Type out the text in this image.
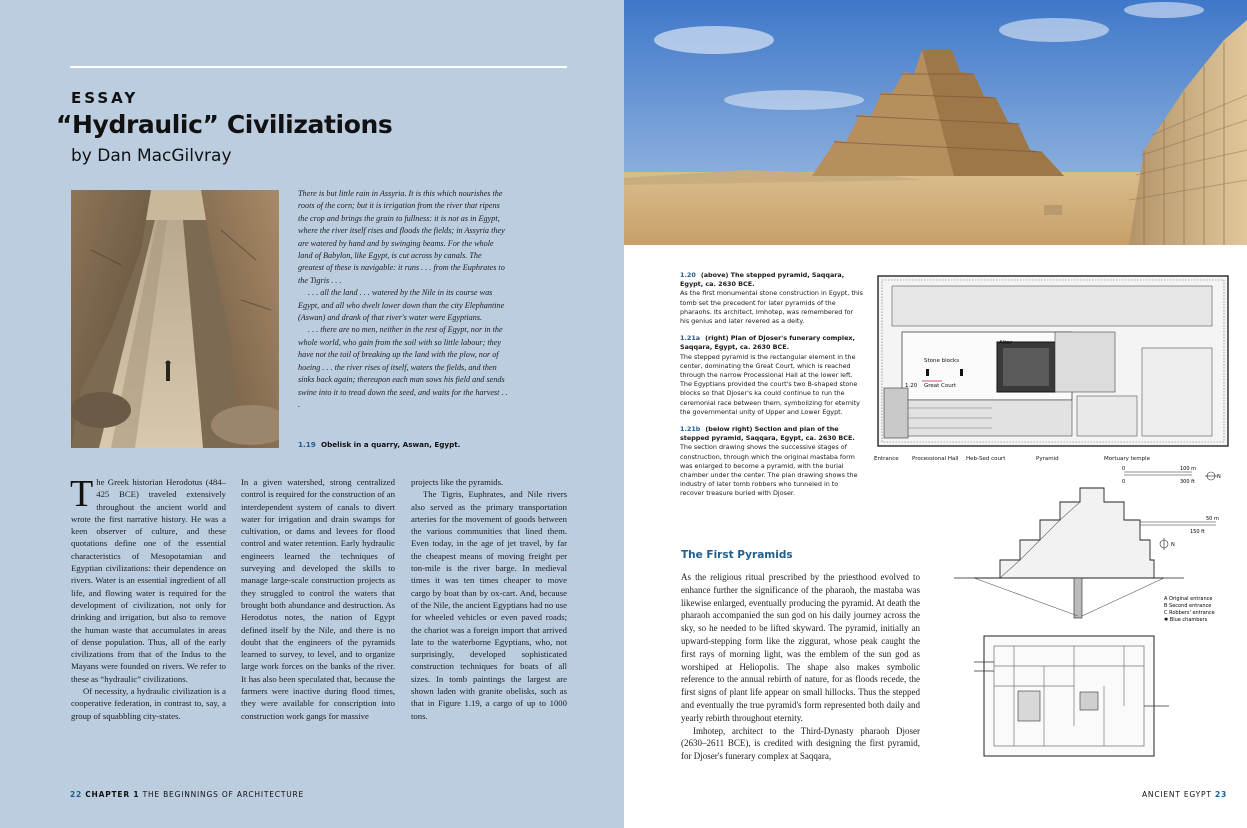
ESSAY
“Hydraulic” Civilizations
by Dan MacGilvray

There is but little rain in Assyria. It is this which nourishes the roots of the corn; but it is irrigation from the river that ripens the crop and brings the grain to fullness: it is not as in Egypt, where the river itself rises and floods the fields; in Assyria they are watered by hand and by swinging beams. For the whole land of Babylon, like Egypt, is cut across by canals. The greatest of these is navigable: it runs . . . from the Euphrates to the Tigris . . .

. . . all the land . . . watered by the Nile in its course was Egypt, and all who dwelt lower down than the city Elephantine (Aswan) and drank of that river's water were Egyptians.

. . . there are no men, neither in the rest of Egypt, nor in the whole world, who gain from the soil with so little labour; they have not the toil of breaking up the land with the plow, nor of hoeing . . . the river rises of itself, waters the fields, and then sinks back again; thereupon each man sows his field and sends swine into it to tread down the seed, and waits for the harvest . . .

1.19 Obelisk in a quarry, Aswan, Egypt.

The Greek historian Herodotus (484–425 BCE) traveled extensively throughout the ancient world and wrote the first narrative history. He was a keen observer of culture, and these quotations define one of the essential characteristics of Mesopotamian and Egyptian civilizations: their dependence on rivers. Water is an essential ingredient of all life, and flowing water is required for the development of civilization, not only for drinking and irrigation, but also to remove the human waste that accumulates in areas of dense population. Thus, all of the early civilizations from that of the Indus to the Mayans were founded on rivers. We refer to these as “hydraulic” civilizations.

Of necessity, a hydraulic civilization is a cooperative federation, in contrast to, say, a group of squabbling city-states.

In a given watershed, strong centralized control is required for the construction of an interdependent system of canals to divert water for irrigation and drain swamps for cultivation, or dams and levees for flood control and water retention. Early hydraulic engineers learned the techniques of surveying and developed the skills to manage large-scale construction projects as they struggled to control the waters that brought both abundance and destruction. As Herodotus notes, the nation of Egypt defined itself by the Nile, and there is no doubt that the engineers of the pyramids learned to survey, to level, and to organize large work forces on the banks of the river. It has also been speculated that, because the farmers were inactive during flood times, they were available for conscription into construction work gangs for massive

projects like the pyramids.

The Tigris, Euphrates, and Nile rivers also served as the primary transportation arteries for the movement of goods between the various communities that lined them. Even today, in the age of jet travel, by far the cheapest means of moving freight per ton-mile is the river barge. In medieval times it was ten times cheaper to move cargo by boat than by ox-cart. And, because of the Nile, the ancient Egyptians had no use for wheeled vehicles or even paved roads; the chariot was a foreign import that arrived late to the waterborne Egyptians, who, not surprisingly, developed sophisticated construction techniques for boats of all sizes. In tomb paintings the largest are shown laden with granite obelisks, such as that in Figure 1.19, a cargo of up to 1000 tons.

22 CHAPTER 1 THE BEGINNINGS OF ARCHITECTURE
1.20 (above) The stepped pyramid, Saqqara, Egypt, ca. 2630 BCE.
As the first monumental stone construction in Egypt, this tomb set the precedent for later pyramids of the pharaohs. Its architect, Imhotep, was remembered for his genius and later revered as a deity.
1.21a (right) Plan of Djoser's funerary complex, Saqqara, Egypt, ca. 2630 BCE.
The stepped pyramid is the rectangular element in the center, dominating the Great Court, which is reached through the narrow Processional Hall at the lower left. The Egyptians provided the court's two B-shaped stone blocks so that Djoser's ka could continue to run the ceremonial race between them, symbolizing for eternity the governmental unity of Upper and Lower Egypt.
1.21b (below right) Section and plan of the stepped pyramid, Saqqara, Egypt, ca. 2630 BCE.
The section drawing shows the successive stages of construction, through which the original mastaba form was enlarged to become a pyramid, with the burial chamber under the center. The plan drawing shows the industry of later tomb robbers who tunneled in to recover treasure buried with Djoser.
Altar
Stone blocks
1.20 Great Court
Entrance Processional Hall Heb-Sed court	Pyramid	Mortuary temple
0	100 m
0	300 ft
N
50 m
150 ft
N
A Original entrance
B Second entrance
C Robbers' entrance
✱ Blue chambers
The First Pyramids

As the religious ritual prescribed by the priesthood evolved to enhance further the significance of the pharaoh, the mastaba was likewise enlarged, eventually producing the pyramid. At death the pharaoh accompanied the sun god on his daily journey across the sky, so he needed to be lifted skyward. The pyramid, initially an upward-stepping form like the ziggurat, whose peak caught the first rays of morning light, was the emblem of the sun god as worshiped at Heliopolis. The shape also makes symbolic reference to the annual rebirth of nature, for as floods recede, the first signs of plant life appear on small hillocks. Thus the stepped and eventually the true pyramid's form represented both daily and yearly rebirth throughout eternity.

Imhotep, architect to the Third-Dynasty pharaoh Djoser (2630–2611 BCE), is credited with designing the first pyramid, for Djoser's funerary complex at Saqqara,

ANCIENT EGYPT 23
